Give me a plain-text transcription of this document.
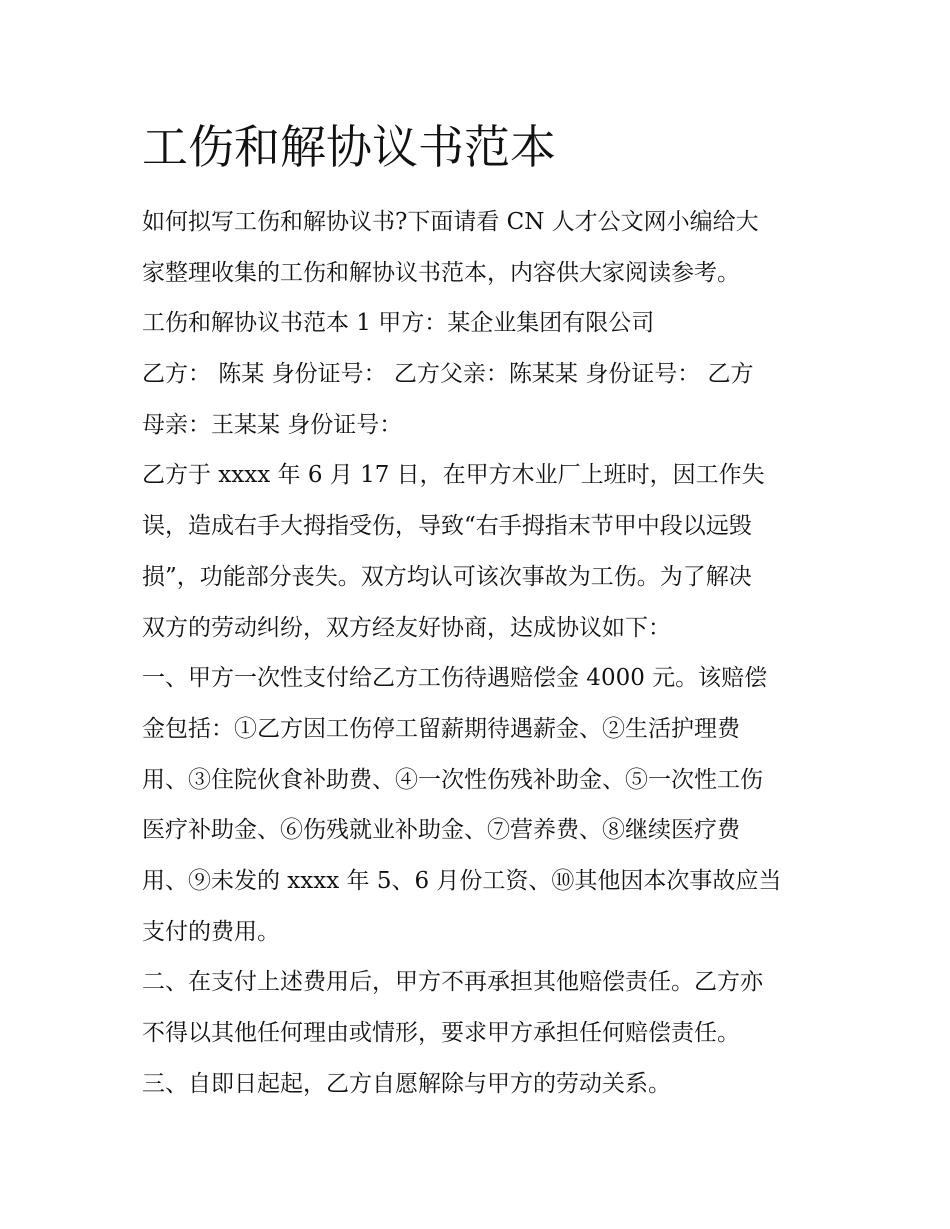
工伤和解协议书范本
如何拟写工伤和解协议书?下面请看 CN 人才公文网小编给大
家整理收集的工伤和解协议书范本，内容供大家阅读参考。
工伤和解协议书范本 1 甲方：某企业集团有限公司
乙方： 陈某 身份证号： 乙方父亲：陈某某 身份证号： 乙方
母亲：王某某 身份证号：
乙方于 xxxx 年 6 月 17 日，在甲方木业厂上班时，因工作失
误，造成右手大拇指受伤，导致“右手拇指末节甲中段以远毁
损”，功能部分丧失。双方均认可该次事故为工伤。为了解决
双方的劳动纠纷，双方经友好协商，达成协议如下：
一、甲方一次性支付给乙方工伤待遇赔偿金 4000 元。该赔偿
金包括：①乙方因工伤停工留薪期待遇薪金、②生活护理费
用、③住院伙食补助费、④一次性伤残补助金、⑤一次性工伤
医疗补助金、⑥伤残就业补助金、⑦营养费、⑧继续医疗费
用、⑨未发的 xxxx 年 5、6 月份工资、⑩其他因本次事故应当
支付的费用。
二、在支付上述费用后，甲方不再承担其他赔偿责任。乙方亦
不得以其他任何理由或情形，要求甲方承担任何赔偿责任。
三、自即日起起，乙方自愿解除与甲方的劳动关系。
